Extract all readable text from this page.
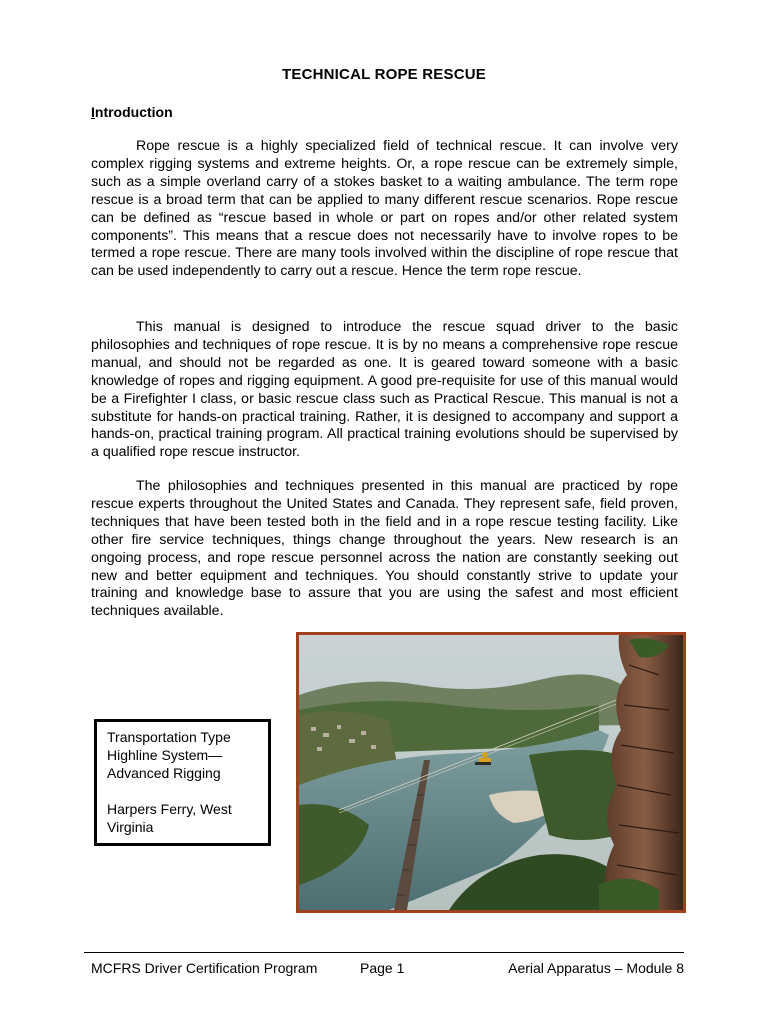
TECHNICAL ROPE RESCUE
Introduction

Rope rescue is a highly specialized field of technical rescue. It can involve very complex rigging systems and extreme heights. Or, a rope rescue can be extremely simple, such as a simple overland carry of a stokes basket to a waiting ambulance. The term rope rescue is a broad term that can be applied to many different rescue scenarios. Rope rescue can be defined as “rescue based in whole or part on ropes and/or other related system components”. This means that a rescue does not necessarily have to involve ropes to be termed a rope rescue. There are many tools involved within the discipline of rope rescue that can be used independently to carry out a rescue. Hence the term rope rescue.

This manual is designed to introduce the rescue squad driver to the basic philosophies and techniques of rope rescue. It is by no means a comprehensive rope rescue manual, and should not be regarded as one. It is geared toward someone with a basic knowledge of ropes and rigging equipment. A good pre-requisite for use of this manual would be a Firefighter I class, or basic rescue class such as Practical Rescue. This manual is not a substitute for hands-on practical training. Rather, it is designed to accompany and support a hands-on, practical training program. All practical training evolutions should be supervised by a qualified rope rescue instructor.

The philosophies and techniques presented in this manual are practiced by rope rescue experts throughout the United States and Canada. They represent safe, field proven, techniques that have been tested both in the field and in a rope rescue testing facility. Like other fire service techniques, things change throughout the years. New research is an ongoing process, and rope rescue personnel across the nation are constantly seeking out new and better equipment and techniques. You should constantly strive to update your training and knowledge base to assure that you are using the safest and most efficient techniques available.

Transportation Type
Highline System—
Advanced Rigging
Harpers Ferry, West
Virginia
MCFRS Driver Certification Program	Page 1	Aerial Apparatus – Module 8
